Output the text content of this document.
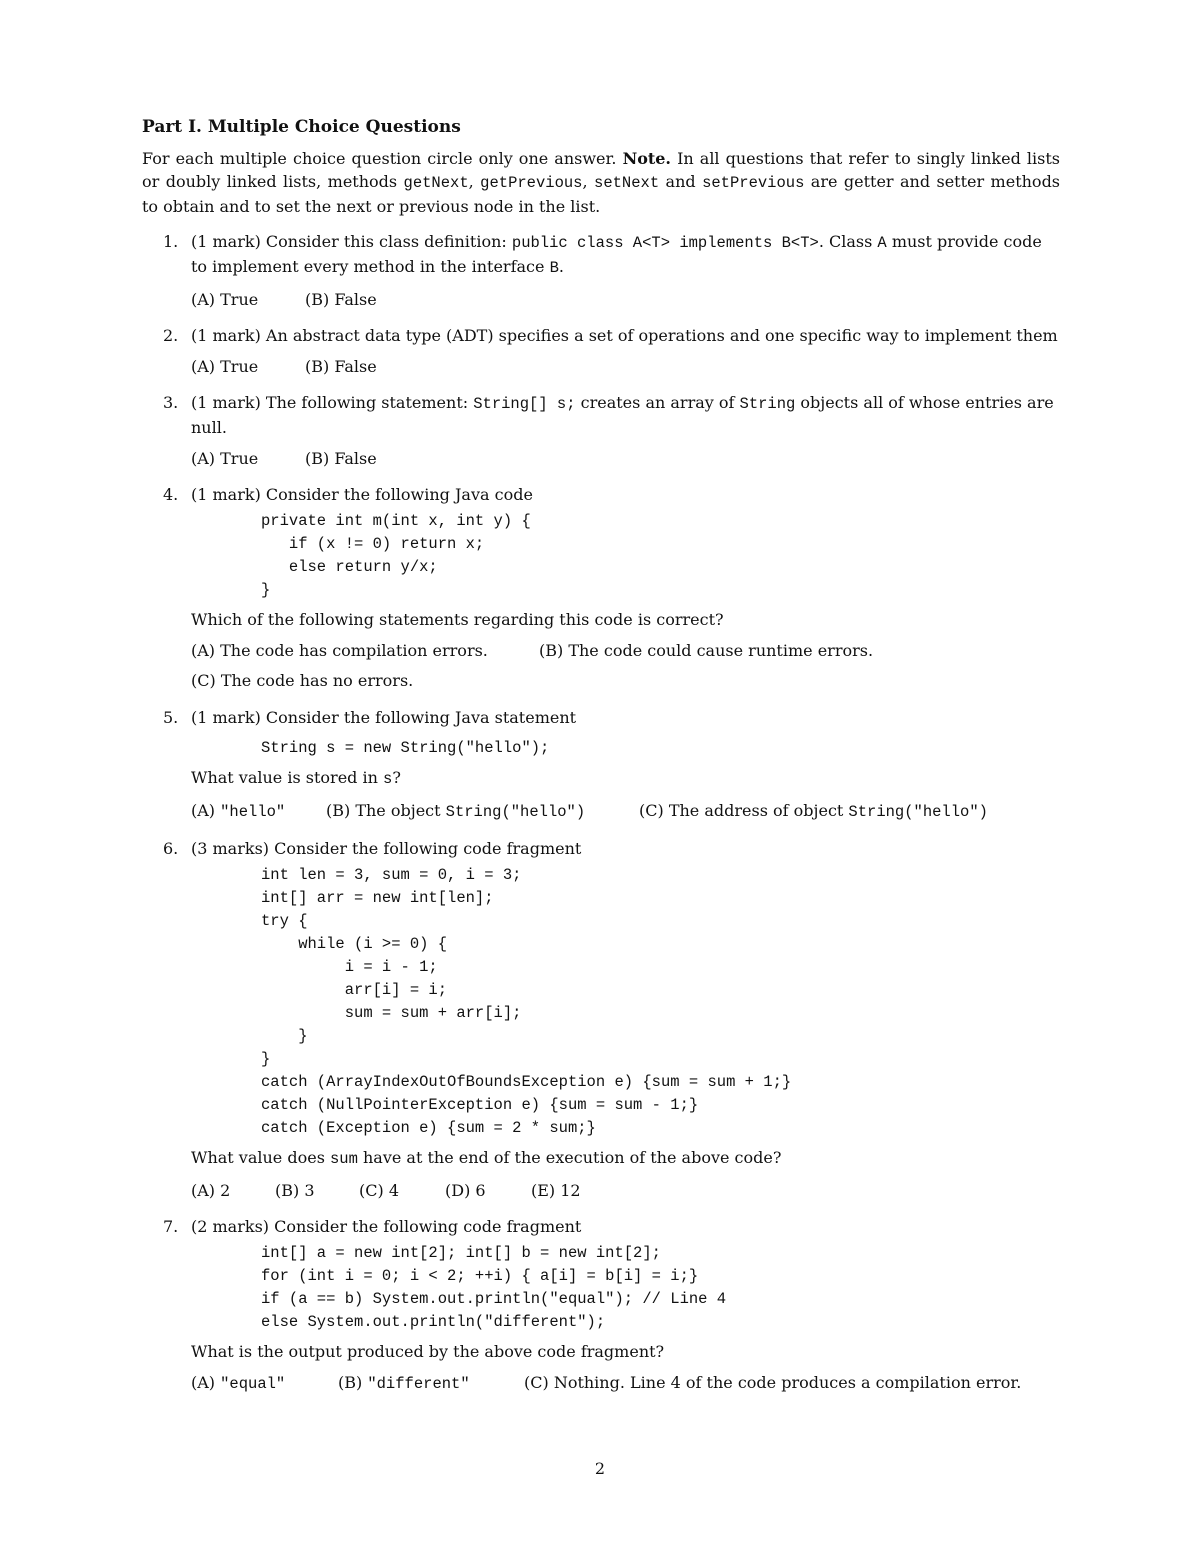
Part I. Multiple Choice Questions

For each multiple choice question circle only one answer. Note. In all questions that refer to singly linked lists or doubly linked lists, methods getNext, getPrevious, setNext and setPrevious are getter and setter methods to obtain and to set the next or previous node in the list.

1. (1 mark) Consider this class definition: public class A<T> implements B<T>. Class A must provide code to implement every method in the interface B.

(A) True	(B) False
2. (1 mark) An abstract data type (ADT) specifies a set of operations and one specific way to implement them

(A) True	(B) False
3. (1 mark) The following statement: String[] s; creates an array of String objects all of whose entries are null.

(A) True	(B) False
4. (1 mark) Consider the following Java code

private int m(int x, int y) {
if (x != 0) return x;
else return y/x;
}

Which of the following statements regarding this code is correct?

(A) The code has compilation errors.	(B) The code could cause runtime errors.
(C) The code has no errors.
5. (1 mark) Consider the following Java statement

String s = new String("hello");

What value is stored in s?

(A) "hello"	(B) The object String("hello")	(C) The address of object String("hello")
6. (3 marks) Consider the following code fragment

int len = 3, sum = 0, i = 3;
int[] arr = new int[len];
try {
while (i >= 0) {
i = i - 1;
arr[i] = i;
sum = sum + arr[i];
}
}
catch (ArrayIndexOutOfBoundsException e) {sum = sum + 1;}
catch (NullPointerException e) {sum = sum - 1;}
catch (Exception e) {sum = 2 * sum;}

What value does sum have at the end of the execution of the above code?

(A) 2	(B) 3	(C) 4	(D) 6	(E) 12
7. (2 marks) Consider the following code fragment

int[] a = new int[2]; int[] b = new int[2];
for (int i = 0; i < 2; ++i) { a[i] = b[i] = i;}
if (a == b) System.out.println("equal"); // Line 4
else System.out.println("different");

What is the output produced by the above code fragment?

(A) "equal"	(B) "different"	(C) Nothing. Line 4 of the code produces a compilation error.
2
